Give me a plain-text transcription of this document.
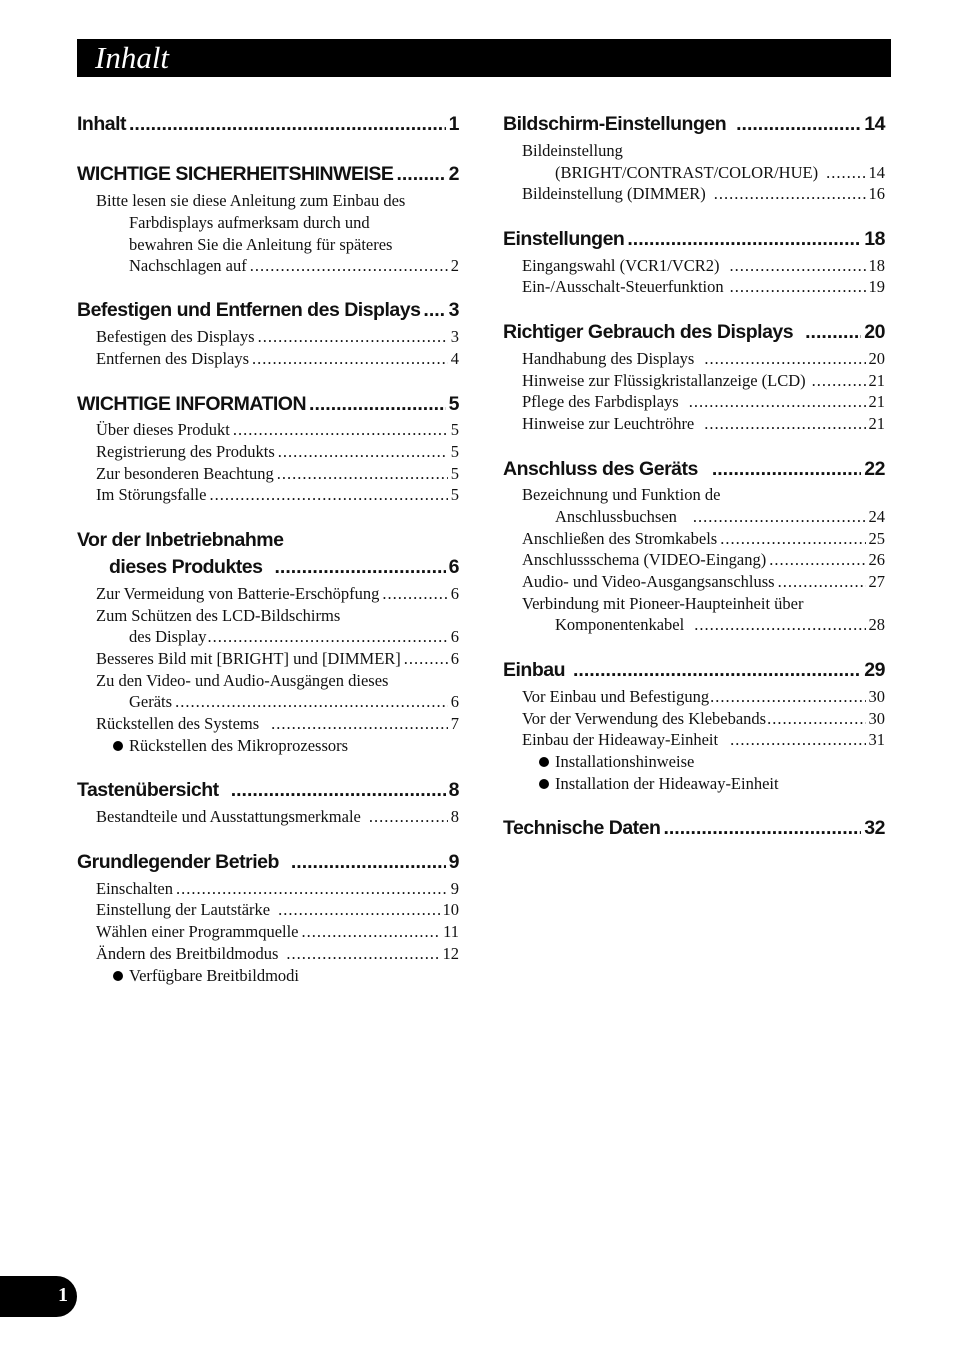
Inhalt
Inhalt .....	1
WICHTIGE SICHERHEITSHINWEISE .....	2
Bitte lesen sie diese Anleitung zum Einbau des
Farbdisplays aufmerksam durch und
bewahren Sie die Anleitung für späteres
Nachschlagen auf .....	2
Befestigen und Entfernen des Displays ..... 3
Befestigen des Displays .....	3
Entfernen des Displays .....	4
WICHTIGE INFORMATION .....	5
Über dieses Produkt .....	5
Registrierung des Produkts .....	5
Zur besonderen Beachtung .....	5
Im Störungsfalle .....	5
Vor der Inbetriebnahme
dieses Produktes .....	6
Zur Vermeidung von Batterie-Erschöpfung .....	6
Zum Schützen des LCD-Bildschirms
des Display .....	6
Besseres Bild mit [BRIGHT] und [DIMMER] .....	6
Zu den Video- und Audio-Ausgängen dieses
Geräts .....	6
Rückstellen des Systems .....	7
Rückstellen des Mikroprozessors
Tastenübersicht .....	8
Bestandteile und Ausstattungsmerkmale .....	8
Grundlegender Betrieb .....	9
Einschalten .....	9
Einstellung der Lautstärke .....	10
Wählen einer Programmquelle .....	11
Ändern des Breitbildmodus .....	12
Verfügbare Breitbildmodi
Bildschirm-Einstellungen .....	14
Bildeinstellung
(BRIGHT/CONTRAST/COLOR/HUE) .....	14
Bildeinstellung (DIMMER) .....	16
Einstellungen .....	18
Eingangswahl (VCR1/VCR2) .....	18
Ein-/Ausschalt-Steuerfunktion .....	19
Richtiger Gebrauch des Displays .....	20
Handhabung des Displays .....	20
Hinweise zur Flüssigkristallanzeige (LCD) .....	21
Pflege des Farbdisplays .....	21
Hinweise zur Leuchtröhre .....	21
Anschluss des Geräts .....	22
Bezeichnung und Funktion de
Anschlussbuchsen .....	24
Anschließen des Stromkabels .....	25
Anschlussschema (VIDEO-Eingang) .....	26
Audio- und Video-Ausgangsanschluss .....	27
Verbindung mit Pioneer-Haupteinheit über
Komponentenkabel .....	28
Einbau .....	29
Vor Einbau und Befestigung .....	30
Vor der Verwendung des Klebebands .....	30
Einbau der Hideaway-Einheit .....	31
Installationshinweise
Installation der Hideaway-Einheit
Technische Daten .....	32
1
